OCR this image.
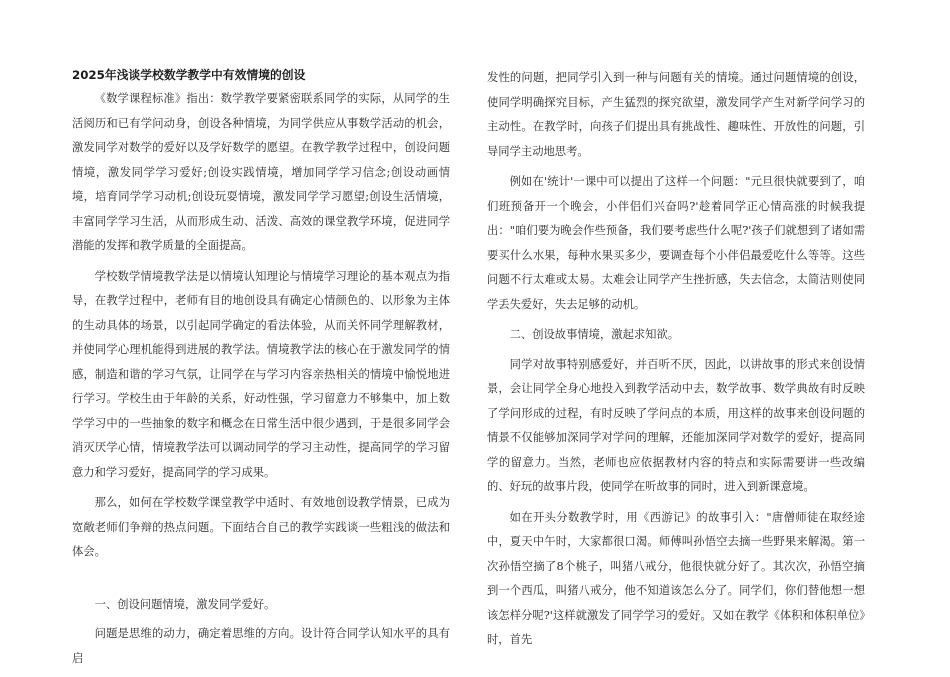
2025年浅谈学校数学教学中有效情境的创设

《数学课程标准》指出：数学教学要紧密联系同学的实际，从同学的生活阅历和已有学问动身，创设各种情境，为同学供应从事数学活动的机会，激发同学对数学的爱好以及学好数学的愿望。在教学教学过程中，创设问题情境，激发同学学习爱好;创设实践情境，增加同学学习信念;创设动画情境，培育同学学习动机;创设玩耍情境，激发同学学习愿望;创设生活情境，丰富同学学习生活，从而形成生动、活泼、高效的课堂教学环境，促进同学潜能的发挥和教学质量的全面提高。

学校数学情境教学法是以情境认知理论与情境学习理论的基本观点为指导，在教学过程中，老师有目的地创设具有确定心情颜色的、以形象为主体的生动具体的场景，以引起同学确定的看法体验，从而关怀同学理解教材，并使同学心理机能得到进展的教学法。情境教学法的核心在于激发同学的情感，制造和谐的学习气氛，让同学在与学习内容亲热相关的情境中愉悦地进行学习。学校生由于年龄的关系，好动性强，学习留意力不够集中，加上数学学习中的一些抽象的数字和概念在日常生活中很少遇到，于是很多同学会消灭厌学心情，情境教学法可以调动同学的学习主动性，提高同学的学习留意力和学习爱好，提高同学的学习成果。

那么，如何在学校数学课堂教学中适时、有效地创设教学情景，已成为宽敞老师们争辩的热点问题。下面结合自己的教学实践谈一些粗浅的做法和体会。

一、创设问题情境，激发同学爱好。

问题是思维的动力，确定着思维的方向。设计符合同学认知水平的具有启

发性的问题，把同学引入到一种与问题有关的情境。通过问题情境的创设，使同学明确探究目标，产生猛烈的探究欲望，激发同学产生对新学问学习的主动性。在教学时，向孩子们提出具有挑战性、趣味性、开放性的问题，引导同学主动地思考。

例如在'统计'一课中可以提出了这样一个问题："元旦很快就要到了，咱们班预备开一个晚会，小伴侣们兴奋吗?'趁着同学正心情高涨的时候我提出："咱们要为晚会作些预备，我们要考虑些什么呢?'孩子们就想到了诸如需要买什么水果，每种水果买多少，要调查每个小伴侣最爱吃什么等等。这些问题不行太难或太易。太难会让同学产生挫折感，失去信念，太简洁则使同学丢失爱好，失去足够的动机。

二、创设故事情境，激起求知欲。

同学对故事特别感爱好，并百听不厌，因此，以讲故事的形式来创设情景，会让同学全身心地投入到教学活动中去，数学故事、数学典故有时反映了学问形成的过程，有时反映了学问点的本质，用这样的故事来创设问题的情景不仅能够加深同学对学问的理解，还能加深同学对数学的爱好，提高同学的留意力。当然，老师也应依据教材内容的特点和实际需要讲一些改编的、好玩的故事片段，使同学在听故事的同时，进入到新课意境。

如在开头分数教学时，用《西游记》的故事引入："唐僧师徒在取经途中，夏天中午时，大家都很口渴。师傅叫孙悟空去摘一些野果来解渴。第一次孙悟空摘了8个桃子，叫猪八戒分，他很快就分好了。其次次，孙悟空摘到一个西瓜，叫猪八戒分，他不知道该怎么分了。同学们，你们替他想一想该怎样分呢?'这样就激发了同学学习的爱好。又如在教学《体积和体积单位》时，首先
